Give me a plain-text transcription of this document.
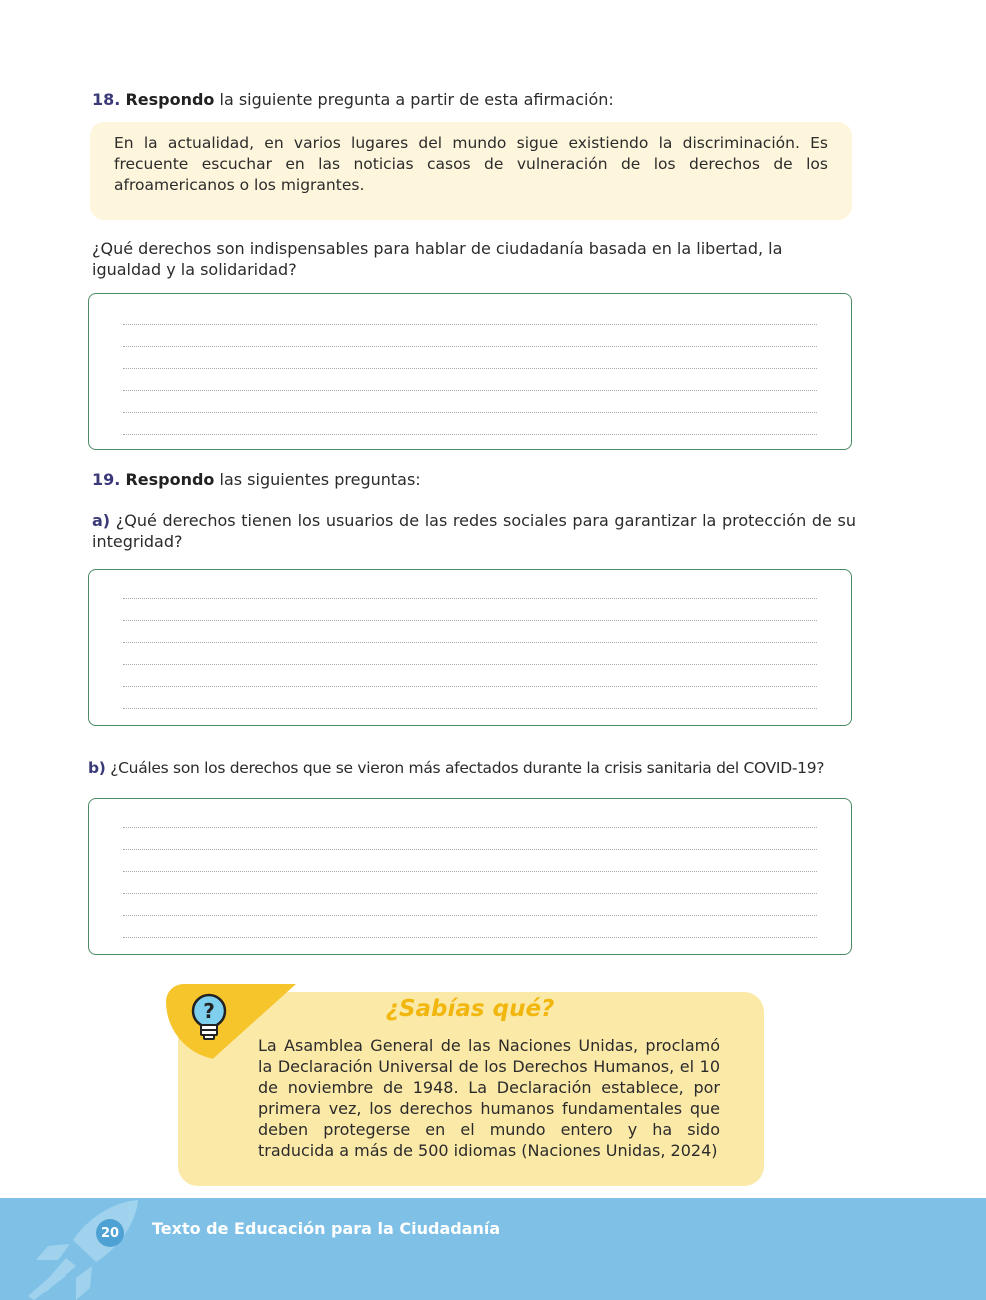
18. Respondo la siguiente pregunta a partir de esta afirmación:
En la actualidad, en varios lugares del mundo sigue existiendo la discriminación. Es frecuente escuchar en las noticias casos de vulneración de los derechos de los afroamericanos o los migrantes.
¿Qué derechos son indispensables para hablar de ciudadanía basada en la libertad, la igualdad y la solidaridad?
19. Respondo las siguientes preguntas:
a) ¿Qué derechos tienen los usuarios de las redes sociales para garantizar la protección de su integridad?
b) ¿Cuáles son los derechos que se vieron más afectados durante la crisis sanitaria del COVID-19?
?	¿Sabías qué?
La Asamblea General de las Naciones Unidas, proclamó la Declaración Universal de los Derechos Humanos, el 10 de noviembre de 1948. La Declaración establece, por primera vez, los derechos humanos fundamentales que deben protegerse en el mundo entero y ha sido traducida a más de 500 idiomas (Naciones Unidas, 2024)
20	Texto de Educación para la Ciudadanía
